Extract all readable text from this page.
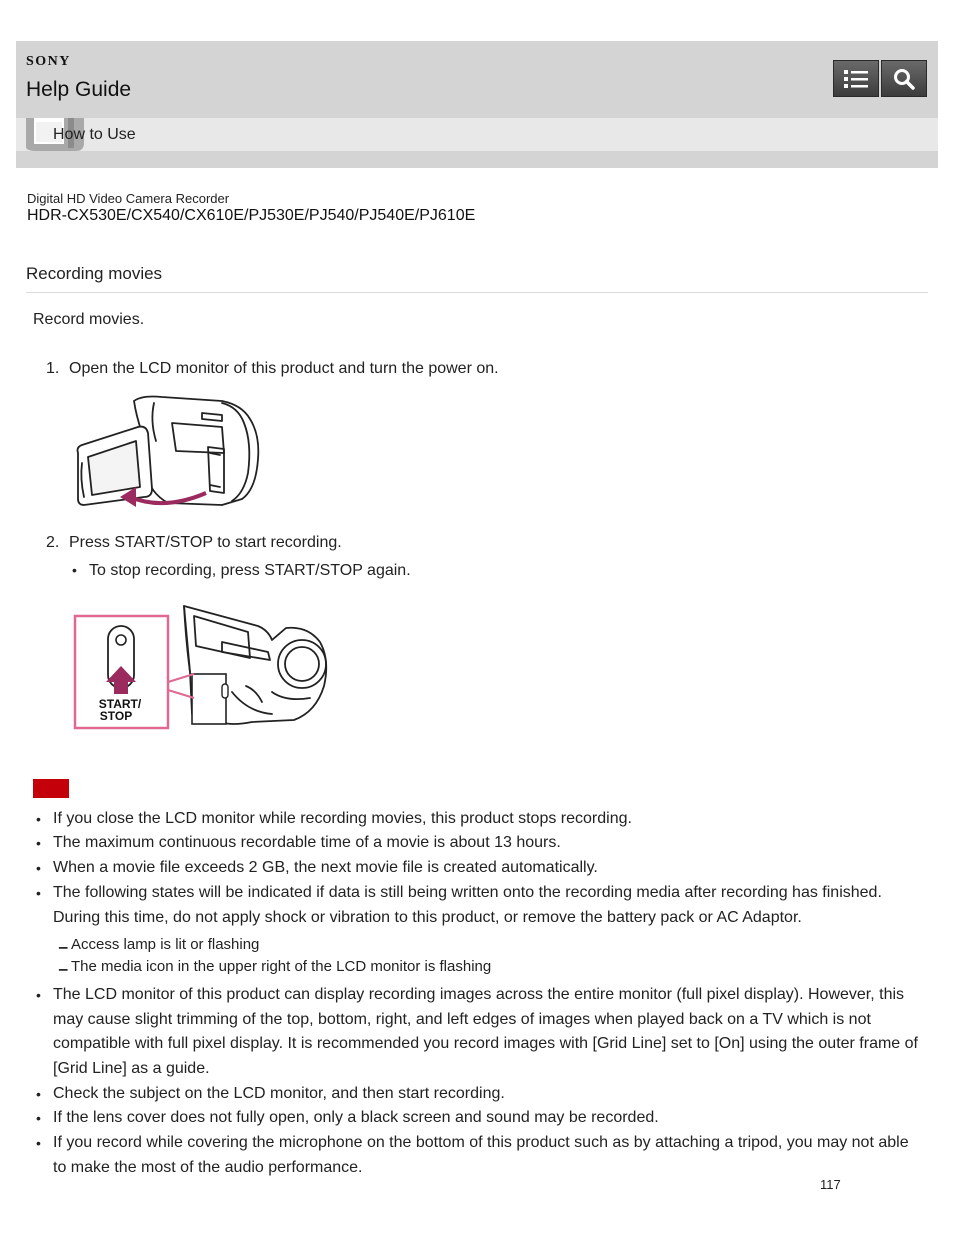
SONY
Help Guide
How to Use
Digital HD Video Camera Recorder
HDR-CX530E/CX540/CX610E/PJ530E/PJ540/PJ540E/PJ610E
Recording movies
Record movies.
1. Open the LCD monitor of this product and turn the power on.
2. Press START/STOP to start recording.
• To stop recording, press START/STOP again.
START/
STOP
• If you close the LCD monitor while recording movies, this product stops recording.
• The maximum continuous recordable time of a movie is about 13 hours.
• When a movie file exceeds 2 GB, the next movie file is created automatically.
• The following states will be indicated if data is still being written onto the recording media after recording has finished. During this time, do not apply shock or vibration to this product, or remove the battery pack or AC Adaptor.
▁ Access lamp is lit or flashing
▁ The media icon in the upper right of the LCD monitor is flashing
• The LCD monitor of this product can display recording images across the entire monitor (full pixel display). However, this may cause slight trimming of the top, bottom, right, and left edges of images when played back on a TV which is not compatible with full pixel display. It is recommended you record images with [Grid Line] set to [On] using the outer frame of [Grid Line] as a guide.
• Check the subject on the LCD monitor, and then start recording.
• If the lens cover does not fully open, only a black screen and sound may be recorded.
• If you record while covering the microphone on the bottom of this product such as by attaching a tripod, you may not able to make the most of the audio performance.
117
